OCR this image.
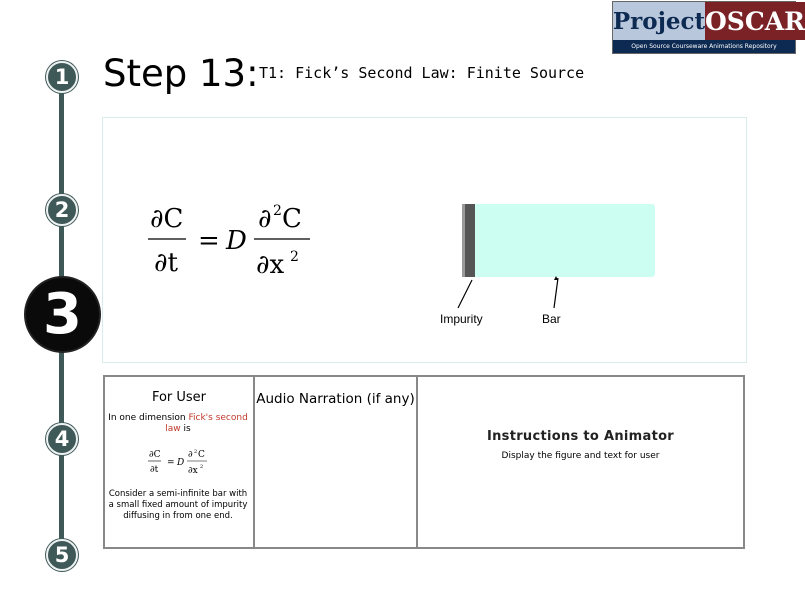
1
2
3
4
5
Step 13: T1: Fick’s Second Law: Finite Source
Project OSCAR
Open Source Courseware Animations Repository
∂C
∂t
= D
∂ 2 C
∂x 2
Impurity	Bar
For User
In one dimension Fick's second law is
∂C
∂t
= D
∂ 2 C
∂x 2
Consider a semi-infinite bar with a small fixed amount of impurity diffusing in from one end.
Audio Narration (if any)
Instructions to Animator
Display the figure and text for user
